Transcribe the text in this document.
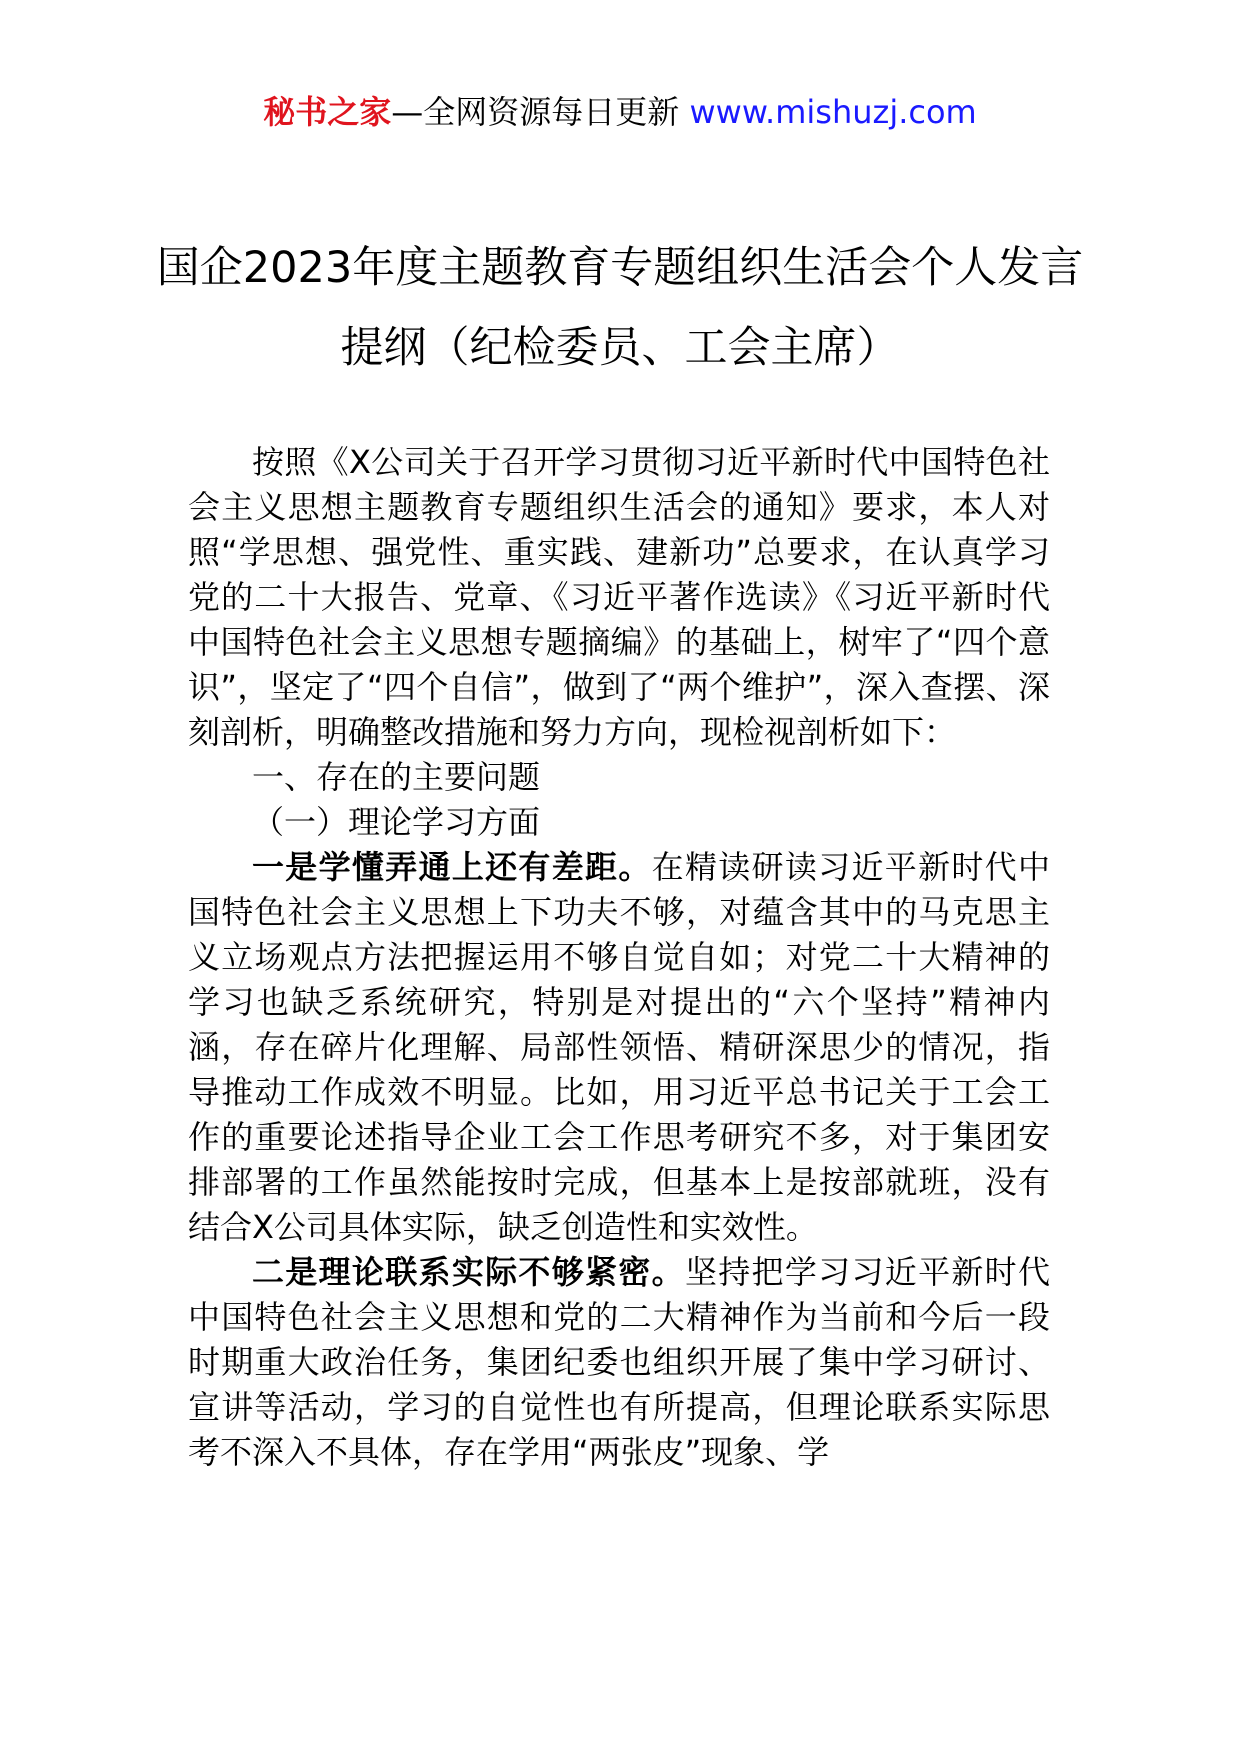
秘书之家—全网资源每日更新 www.mishuzj.com
国企2023年度主题教育专题组织生活会个人发言提纲（纪检委员、工会主席）

按照《X公司关于召开学习贯彻习近平新时代中国特色社会主义思想主题教育专题组织生活会的通知》要求，本人对照“学思想、强党性、重实践、建新功”总要求，在认真学习党的二十大报告、党章、《习近平著作选读》《习近平新时代中国特色社会主义思想专题摘编》的基础上，树牢了“四个意识”，坚定了“四个自信”，做到了“两个维护”，深入查摆、深刻剖析，明确整改措施和努力方向，现检视剖析如下：

一、存在的主要问题

（一）理论学习方面

一是学懂弄通上还有差距。在精读研读习近平新时代中国特色社会主义思想上下功夫不够，对蕴含其中的马克思主义立场观点方法把握运用不够自觉自如；对党二十大精神的学习也缺乏系统研究，特别是对提出的“六个坚持”精神内涵，存在碎片化理解、局部性领悟、精研深思少的情况，指导推动工作成效不明显。比如，用习近平总书记关于工会工作的重要论述指导企业工会工作思考研究不多，对于集团安排部署的工作虽然能按时完成，但基本上是按部就班，没有结合X公司具体实际，缺乏创造性和实效性。

二是理论联系实际不够紧密。坚持把学习习近平新时代中国特色社会主义思想和党的二大精神作为当前和今后一段时期重大政治任务，集团纪委也组织开展了集中学习研讨、宣讲等活动，学习的自觉性也有所提高，但理论联系实际思考不深入不具体，存在学用“两张皮”现象、学
